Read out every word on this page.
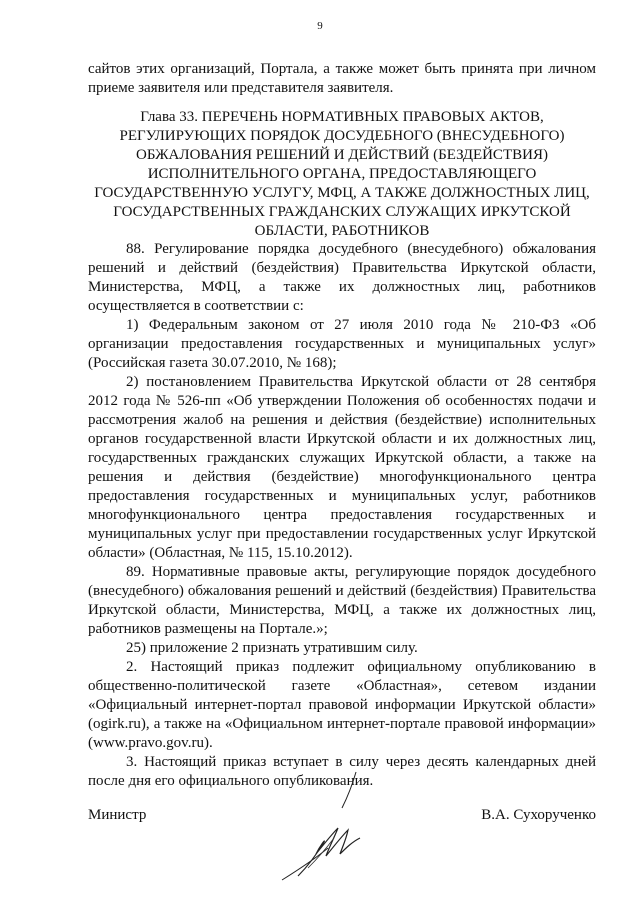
9

сайтов этих организаций, Портала, а также может быть принята при личном приеме заявителя или представителя заявителя.

Глава 33. ПЕРЕЧЕНЬ НОРМАТИВНЫХ ПРАВОВЫХ АКТОВ, РЕГУЛИРУЮЩИХ ПОРЯДОК ДОСУДЕБНОГО (ВНЕСУДЕБНОГО) ОБЖАЛОВАНИЯ РЕШЕНИЙ И ДЕЙСТВИЙ (БЕЗДЕЙСТВИЯ) ИСПОЛНИТЕЛЬНОГО ОРГАНА, ПРЕДОСТАВЛЯЮЩЕГО ГОСУДАРСТВЕННУЮ УСЛУГУ, МФЦ, А ТАКЖЕ ДОЛЖНОСТНЫХ ЛИЦ, ГОСУДАРСТВЕННЫХ ГРАЖДАНСКИХ СЛУЖАЩИХ ИРКУТСКОЙ ОБЛАСТИ, РАБОТНИКОВ

88. Регулирование порядка досудебного (внесудебного) обжалования решений и действий (бездействия) Правительства Иркутской области, Министерства, МФЦ, а также их должностных лиц, работников осуществляется в соответствии с:

1) Федеральным законом от 27 июля 2010 года № 210-ФЗ «Об организации предоставления государственных и муниципальных услуг» (Российская газета 30.07.2010, № 168);

2) постановлением Правительства Иркутской области от 28 сентября 2012 года № 526-пп «Об утверждении Положения об особенностях подачи и рассмотрения жалоб на решения и действия (бездействие) исполнительных органов государственной власти Иркутской области и их должностных лиц, государственных гражданских служащих Иркутской области, а также на решения и действия (бездействие) многофункционального центра предоставления государственных и муниципальных услуг, работников многофункционального центра предоставления государственных и муниципальных услуг при предоставлении государственных услуг Иркутской области» (Областная, № 115, 15.10.2012).

89. Нормативные правовые акты, регулирующие порядок досудебного (внесудебного) обжалования решений и действий (бездействия) Правительства Иркутской области, Министерства, МФЦ, а также их должностных лиц, работников размещены на Портале.»;

25) приложение 2 признать утратившим силу.

2. Настоящий приказ подлежит официальному опубликованию в общественно-политической газете «Областная», сетевом издании «Официальный интернет-портал правовой информации Иркутской области» (ogirk.ru), а также на «Официальном интернет-портале правовой информации» (www.pravo.gov.ru).

3. Настоящий приказ вступает в силу через десять календарных дней после дня его официального опубликования.

Министр	В.А. Сухорученко
